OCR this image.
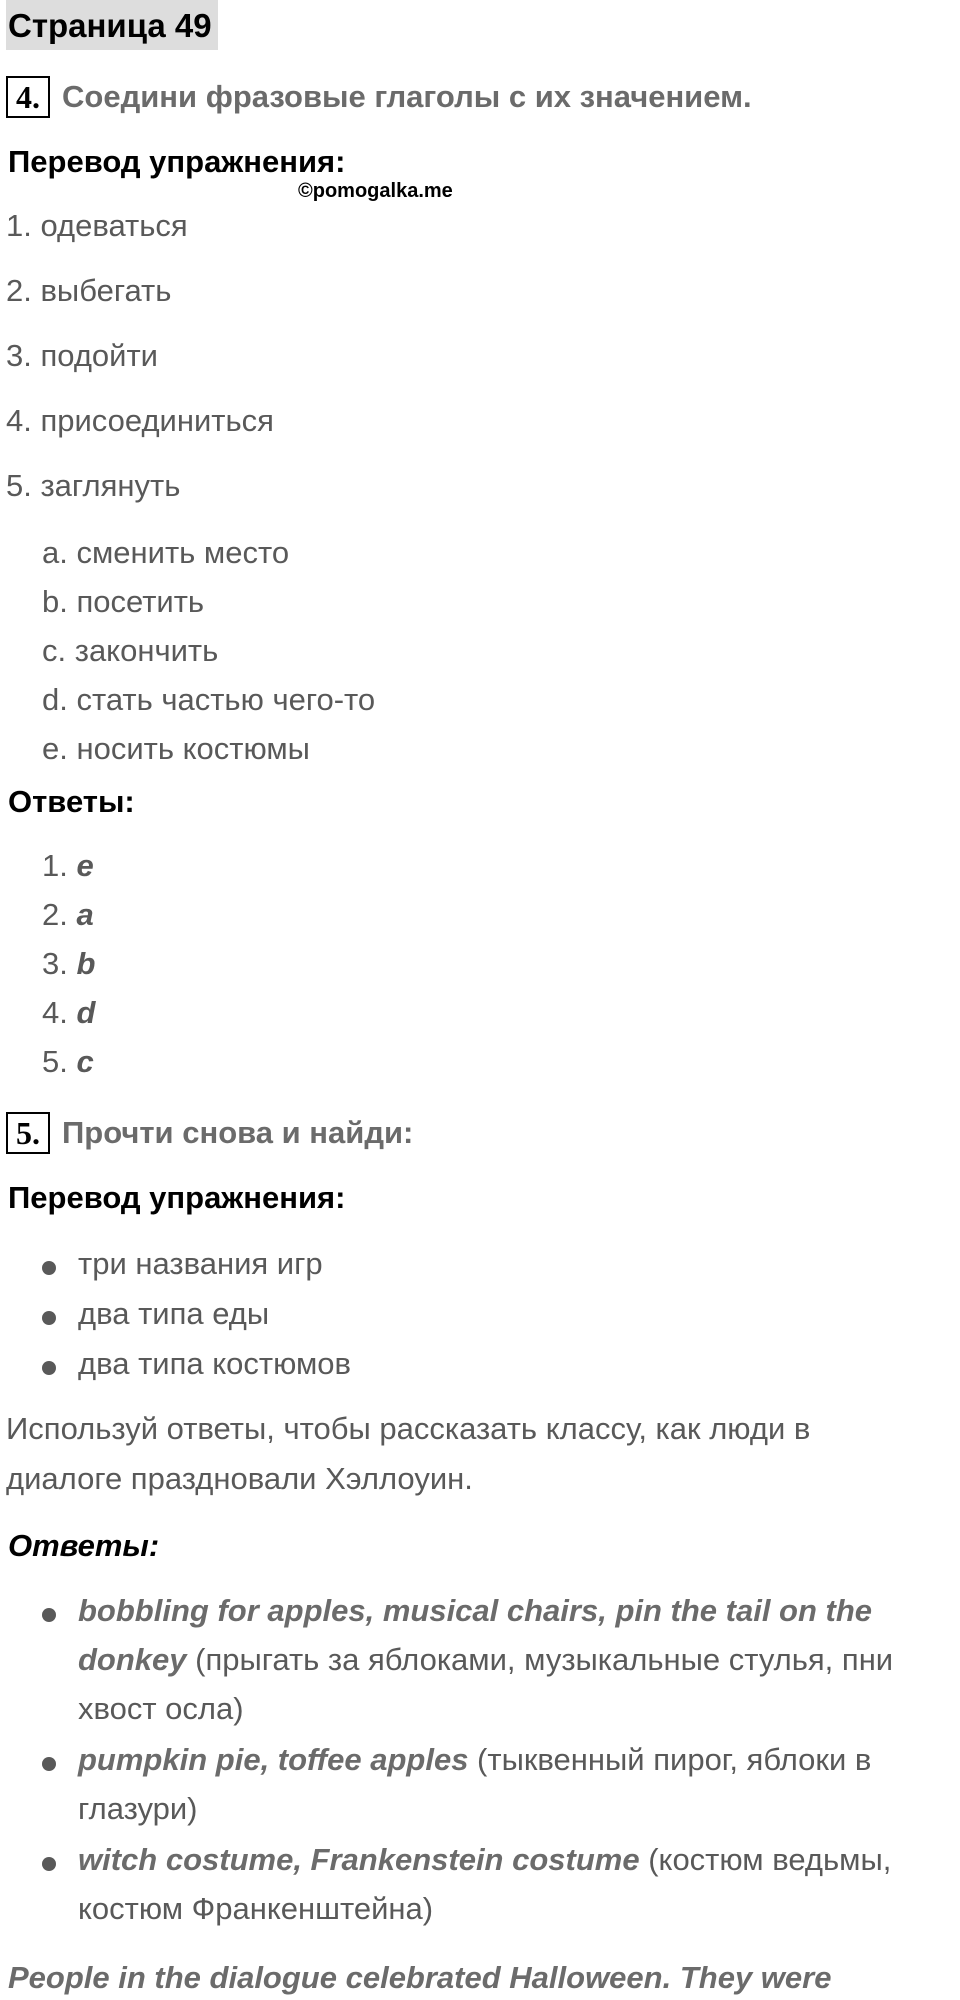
Страница 49
4. Соедини фразовые глаголы с их значением.
Перевод упражнения:
©pomogalka.me
1. одеваться
2. выбегать
3. подойти
4. присоединиться
5. заглянуть
a. сменить место
b. посетить
c. закончить
d. стать частью чего-то
e. носить костюмы
Ответы:
1. e
2. a
3. b
4. d
5. c
5. Прочти снова и найди:
Перевод упражнения:
три названия игр
два типа еды
два типа костюмов
Используй ответы, чтобы рассказать классу, как люди в
диалоге праздновали Хэллоуин.
Ответы:
bobbling for apples, musical chairs, pin the tail on the
donkey (прыгать за яблоками, музыкальные стулья, пни
хвост осла)
pumpkin pie, toffee apples (тыквенный пирог, яблоки в
глазури)
witch costume, Frankenstein costume (костюм ведьмы,
костюм Франкенштейна)
People in the dialogue celebrated Halloween. They were
